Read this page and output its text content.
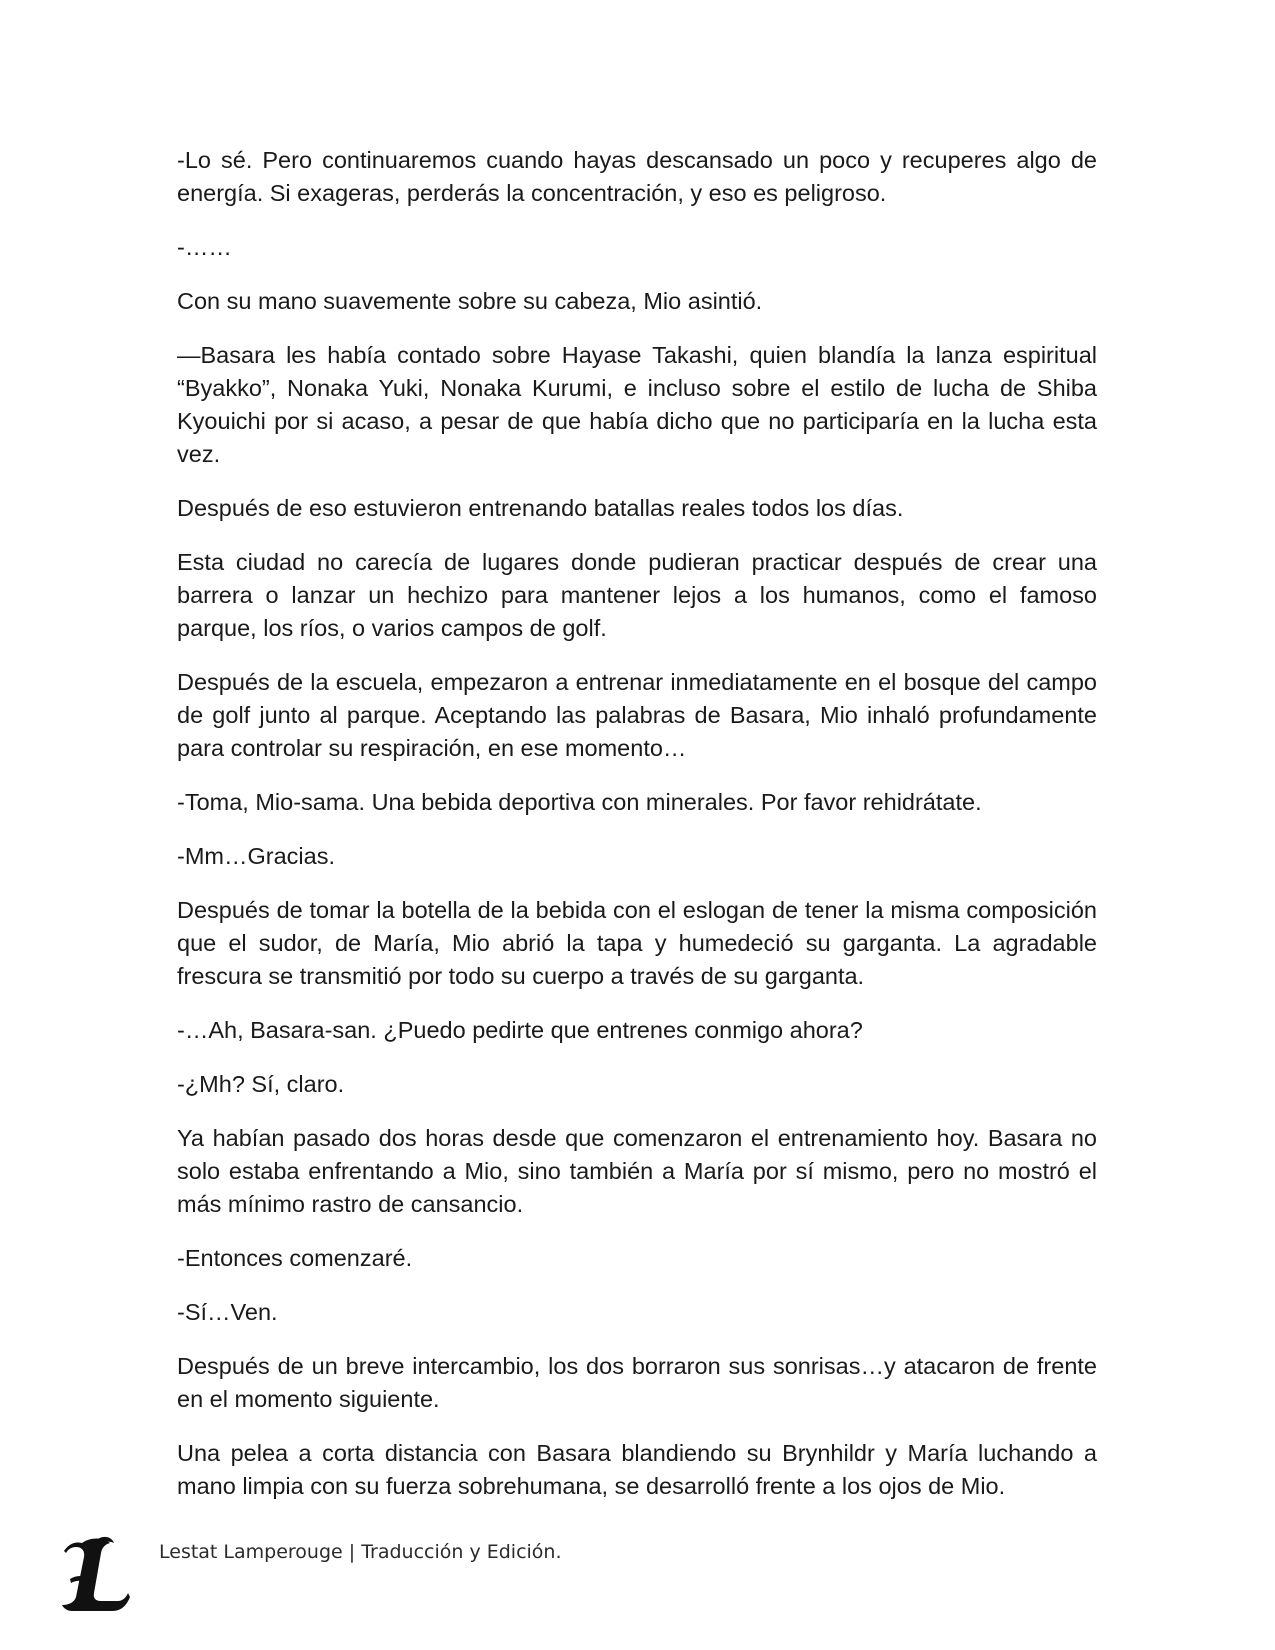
-Lo sé. Pero continuaremos cuando hayas descansado un poco y recuperes algo de energía. Si exageras, perderás la concentración, y eso es peligroso.

-……

Con su mano suavemente sobre su cabeza, Mio asintió.

—Basara les había contado sobre Hayase Takashi, quien blandía la lanza espiritual “Byakko”, Nonaka Yuki, Nonaka Kurumi, e incluso sobre el estilo de lucha de Shiba Kyouichi por si acaso, a pesar de que había dicho que no participaría en la lucha esta vez.

Después de eso estuvieron entrenando batallas reales todos los días.

Esta ciudad no carecía de lugares donde pudieran practicar después de crear una barrera o lanzar un hechizo para mantener lejos a los humanos, como el famoso parque, los ríos, o varios campos de golf.

Después de la escuela, empezaron a entrenar inmediatamente en el bosque del campo de golf junto al parque. Aceptando las palabras de Basara, Mio inhaló profundamente para controlar su respiración, en ese momento…

-Toma, Mio-sama. Una bebida deportiva con minerales. Por favor rehidrátate.

-Mm…Gracias.

Después de tomar la botella de la bebida con el eslogan de tener la misma composición que el sudor, de María, Mio abrió la tapa y humedeció su garganta. La agradable frescura se transmitió por todo su cuerpo a través de su garganta.

-…Ah, Basara-san. ¿Puedo pedirte que entrenes conmigo ahora?

-¿Mh? Sí, claro.

Ya habían pasado dos horas desde que comenzaron el entrenamiento hoy. Basara no solo estaba enfrentando a Mio, sino también a María por sí mismo, pero no mostró el más mínimo rastro de cansancio.

-Entonces comenzaré.

-Sí…Ven.

Después de un breve intercambio, los dos borraron sus sonrisas…y atacaron de frente en el momento siguiente.

Una pelea a corta distancia con Basara blandiendo su Brynhildr y María luchando a mano limpia con su fuerza sobrehumana, se desarrolló frente a los ojos de Mio.

Lestat Lamperouge | Traducción y Edición.
